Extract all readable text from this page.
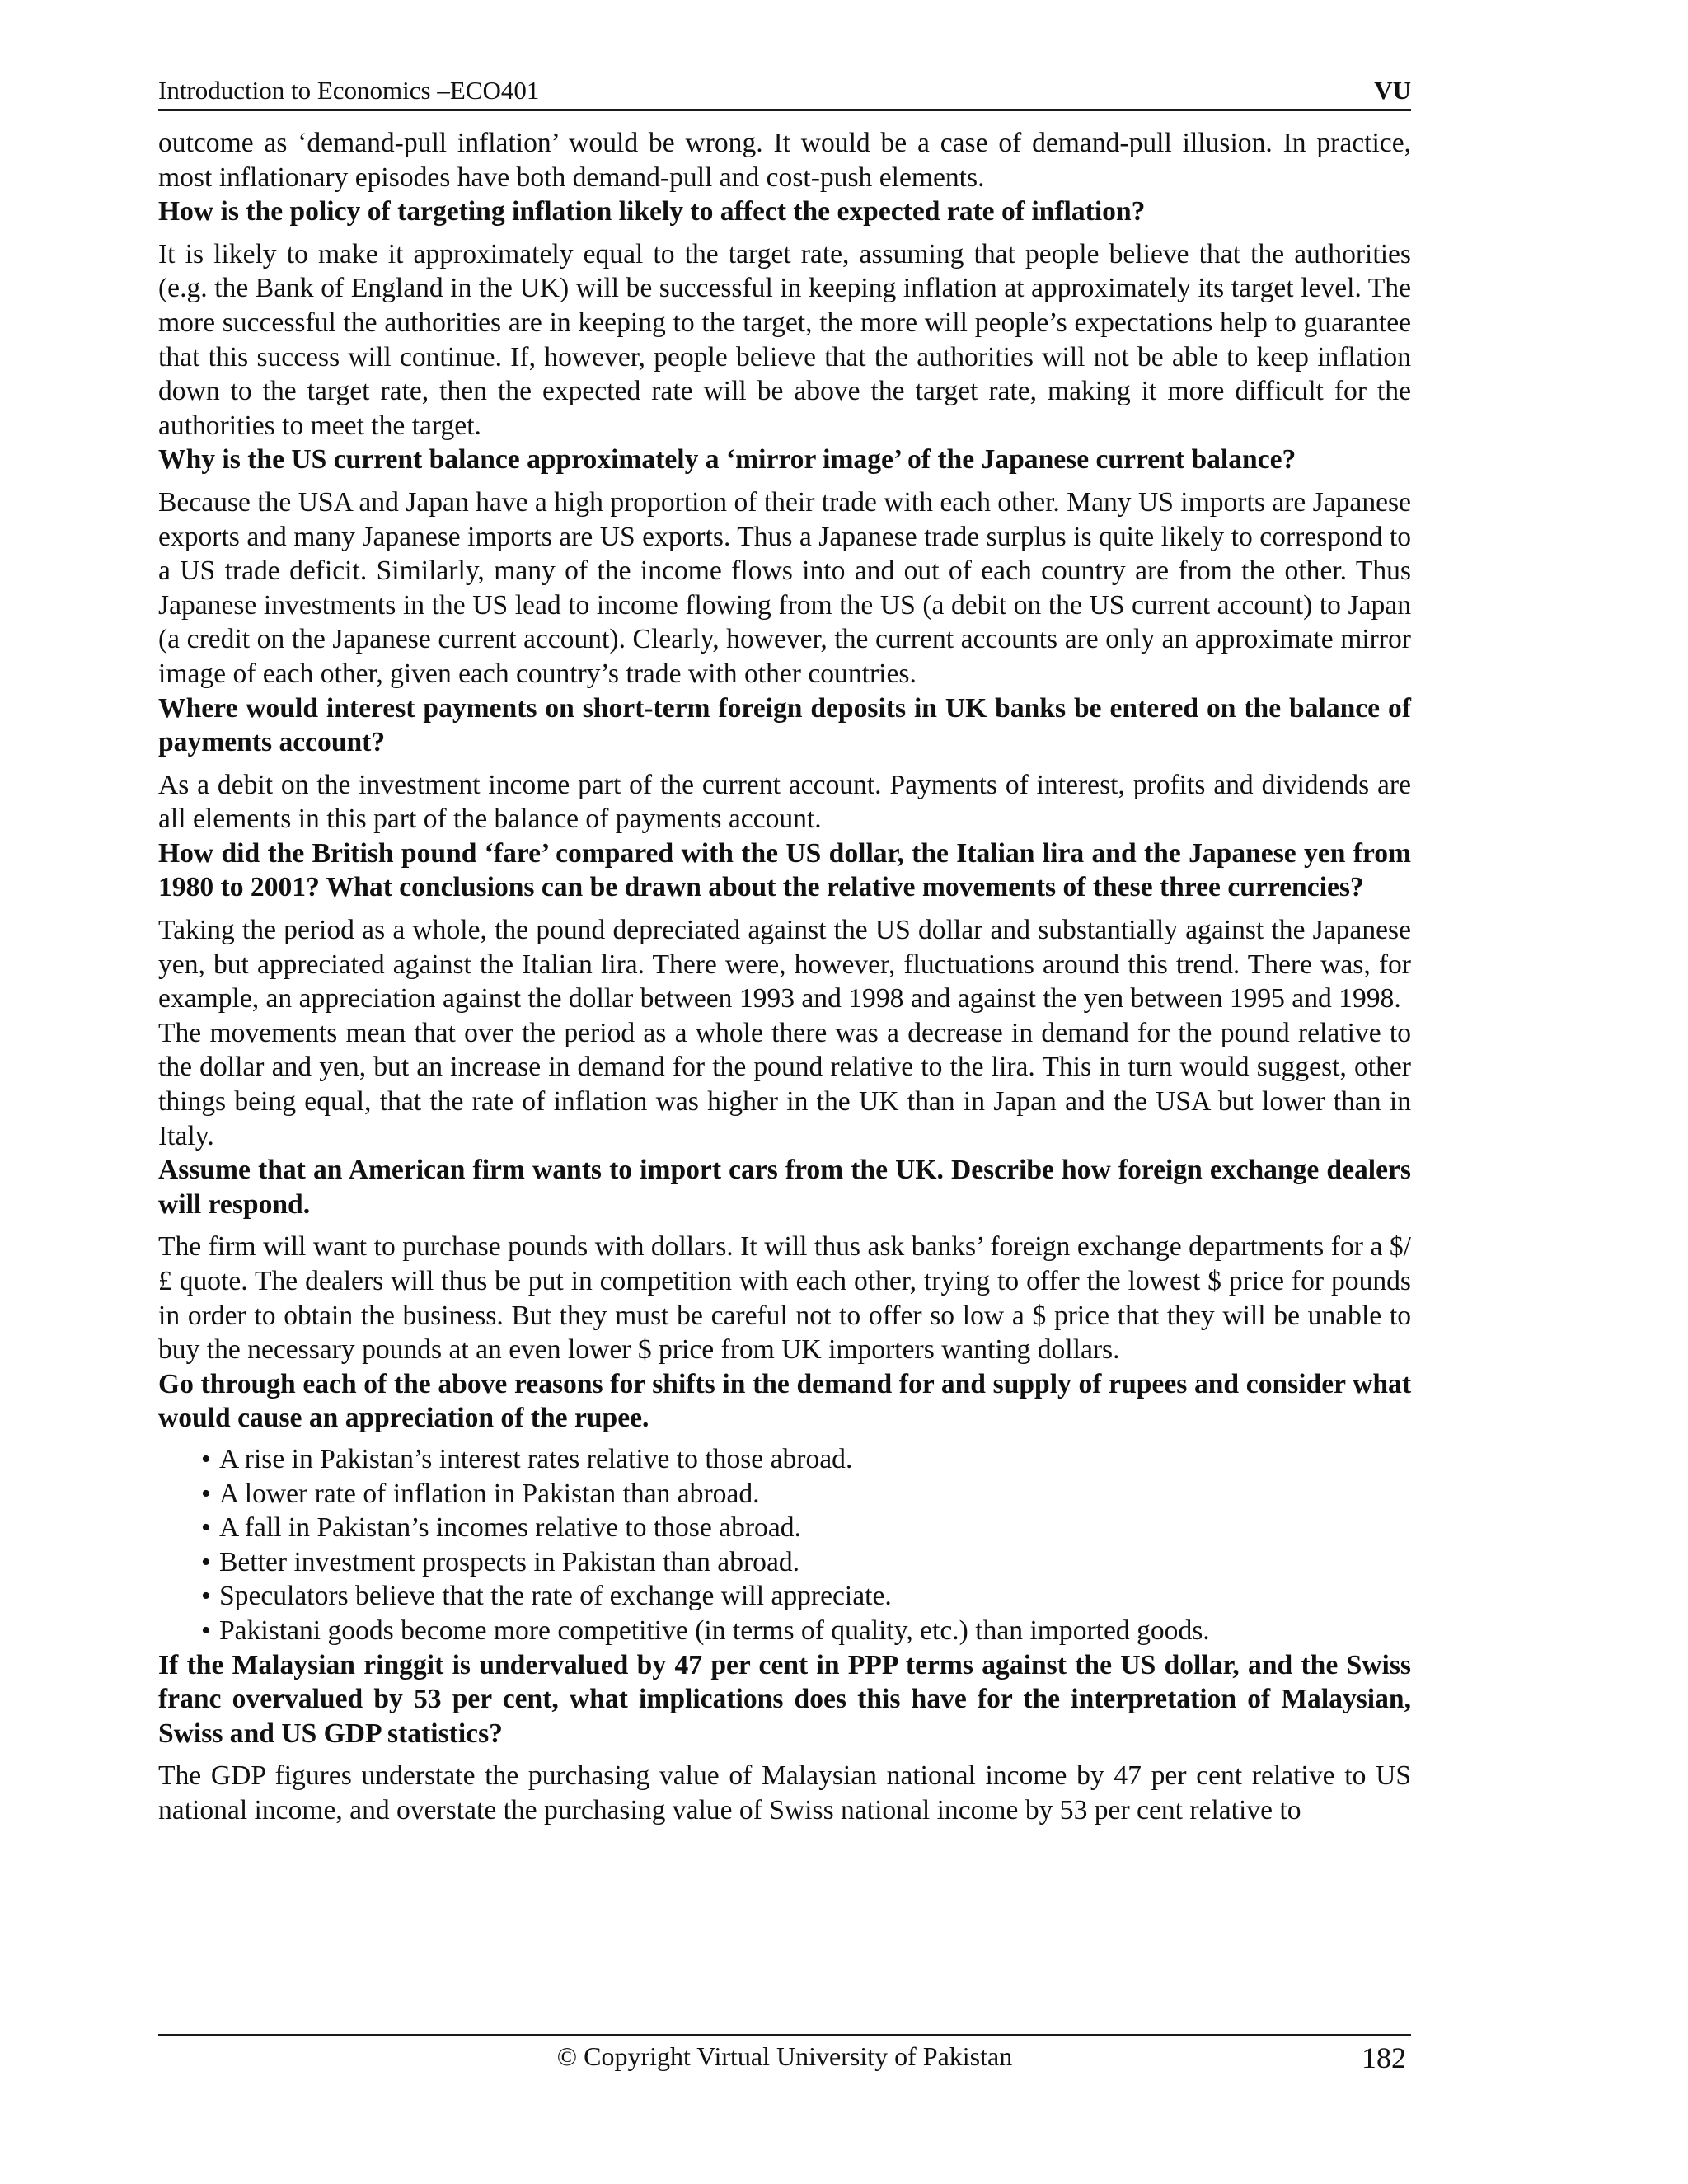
Introduction to Economics –ECO401	VU

outcome as ‘demand-pull inflation’ would be wrong. It would be a case of demand-pull illusion. In practice, most inflationary episodes have both demand-pull and cost-push elements.

How is the policy of targeting inflation likely to affect the expected rate of inflation?

It is likely to make it approximately equal to the target rate, assuming that people believe that the authorities (e.g. the Bank of England in the UK) will be successful in keeping inflation at approximately its target level. The more successful the authorities are in keeping to the target, the more will people’s expectations help to guarantee that this success will continue. If, however, people believe that the authorities will not be able to keep inflation down to the target rate, then the expected rate will be above the target rate, making it more difficult for the authorities to meet the target.

Why is the US current balance approximately a ‘mirror image’ of the Japanese current balance?

Because the USA and Japan have a high proportion of their trade with each other. Many US imports are Japanese exports and many Japanese imports are US exports. Thus a Japanese trade surplus is quite likely to correspond to a US trade deficit. Similarly, many of the income flows into and out of each country are from the other. Thus Japanese investments in the US lead to income flowing from the US (a debit on the US current account) to Japan (a credit on the Japanese current account). Clearly, however, the current accounts are only an approximate mirror image of each other, given each country’s trade with other countries.

Where would interest payments on short-term foreign deposits in UK banks be entered on the balance of payments account?

As a debit on the investment income part of the current account. Payments of interest, profits and dividends are all elements in this part of the balance of payments account.

How did the British pound ‘fare’ compared with the US dollar, the Italian lira and the Japanese yen from 1980 to 2001? What conclusions can be drawn about the relative movements of these three currencies?

Taking the period as a whole, the pound depreciated against the US dollar and substantially against the Japanese yen, but appreciated against the Italian lira. There were, however, fluctuations around this trend. There was, for example, an appreciation against the dollar between 1993 and 1998 and against the yen between 1995 and 1998.

The movements mean that over the period as a whole there was a decrease in demand for the pound relative to the dollar and yen, but an increase in demand for the pound relative to the lira. This in turn would suggest, other things being equal, that the rate of inflation was higher in the UK than in Japan and the USA but lower than in Italy.

Assume that an American firm wants to import cars from the UK. Describe how foreign exchange dealers will respond.

The firm will want to purchase pounds with dollars. It will thus ask banks’ foreign exchange departments for a $/£ quote. The dealers will thus be put in competition with each other, trying to offer the lowest $ price for pounds in order to obtain the business. But they must be careful not to offer so low a $ price that they will be unable to buy the necessary pounds at an even lower $ price from UK importers wanting dollars.

Go through each of the above reasons for shifts in the demand for and supply of rupees and consider what would cause an appreciation of the rupee.

• A rise in Pakistan’s interest rates relative to those abroad.
• A lower rate of inflation in Pakistan than abroad.
• A fall in Pakistan’s incomes relative to those abroad.
• Better investment prospects in Pakistan than abroad.
• Speculators believe that the rate of exchange will appreciate.
• Pakistani goods become more competitive (in terms of quality, etc.) than imported goods.

If the Malaysian ringgit is undervalued by 47 per cent in PPP terms against the US dollar, and the Swiss franc overvalued by 53 per cent, what implications does this have for the interpretation of Malaysian, Swiss and US GDP statistics?

The GDP figures understate the purchasing value of Malaysian national income by 47 per cent relative to US national income, and overstate the purchasing value of Swiss national income by 53 per cent relative to

© Copyright Virtual University of Pakistan	182
